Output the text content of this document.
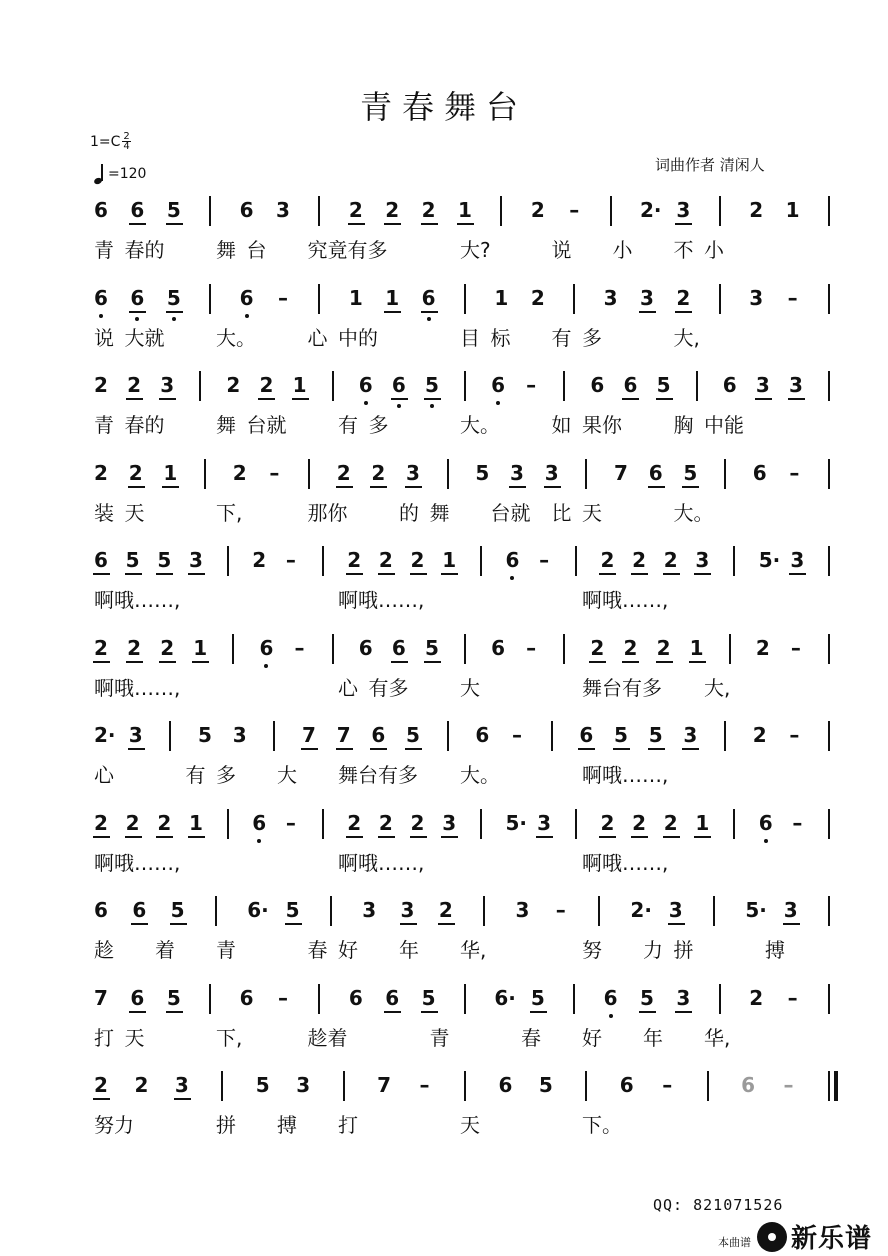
青春舞台
$1=C \frac{2}{4}$
=120	词曲作者 清闲人
6 6 5	6 3	2 2 2 1	2 –	2· 3	2 1
青 春的	舞 台 究竟有多	大?	说 小 不 小
6 6 5	6 –	1 1 6	1 2	3 3 2	3 –
说 大就	大。	心 中的	目 标 有 多	大,
2 2 3	2 2 1	6 6 5	6 –	6 6 5	6 3 3
青 春的	舞 台就	有 多	大。	如 果你	胸 中能
2 2 1	2 –	2 2 3	5 3 3	7 6 5	6 –
装 天	下,	那你	的 舞 台就 比 天	大。
6 5 5 3 2 –	2 2 2 1 6 –	2 2 2 3 5· 3
啊哦……,	啊哦……,	啊哦……,
2 2 2 1	6 –	6 6 5	6 –	2 2 2 1	2 –
啊哦……,	心 有多	大	舞台有多 大,
2· 3	5 3	7 7 6 5	6 –	6 5 5 3	2 –
心	有 多 大 舞台有多 大。	啊哦……,
2 2 2 1 6 –	2 2 2 3 5· 3 2 2 2 1 6 –
啊哦……,	啊哦……,	啊哦……,
6 6 5	6· 5	3 3 2	3 –	2· 3	5· 3
趁 着 青	春 好 年 华,	努 力 拼	搏
7 6 5	6 –	6 6 5	6· 5	6 5 3	2 –
打 天	下,	趁着	青	春 好 年 华,
2 2 3	5 3	7 –	6 5	6 –	6 –
努力	拼 搏 打	天	下。
QQ: 821071526
本曲谱 新乐谱
